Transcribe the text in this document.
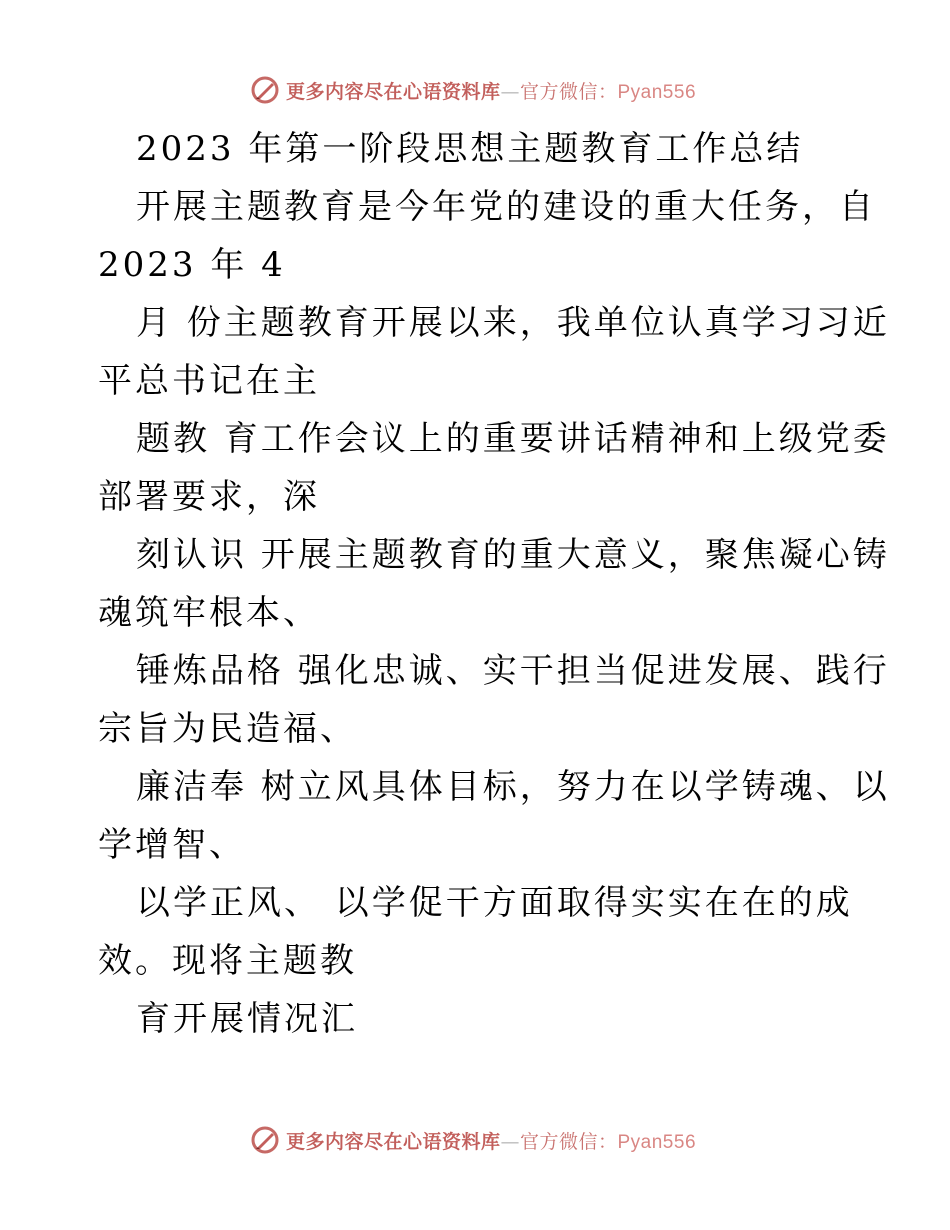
更多内容尽在心语资料库—官方微信：Pyan556
2023 年第一阶段思想主题教育工作总结
开展主题教育是今年党的建设的重大任务，自
2023 年 4
月 份主题教育开展以来，我单位认真学习习近
平总书记在主
题教 育工作会议上的重要讲话精神和上级党委
部署要求，深
刻认识 开展主题教育的重大意义，聚焦凝心铸
魂筑牢根本、
锤炼品格 强化忠诚、实干担当促进发展、践行
宗旨为民造福、
廉洁奉 树立风具体目标，努力在以学铸魂、以
学增智、
以学正风、 以学促干方面取得实实在在的成
效。现将主题教
育开展情况汇
更多内容尽在心语资料库—官方微信：Pyan556
